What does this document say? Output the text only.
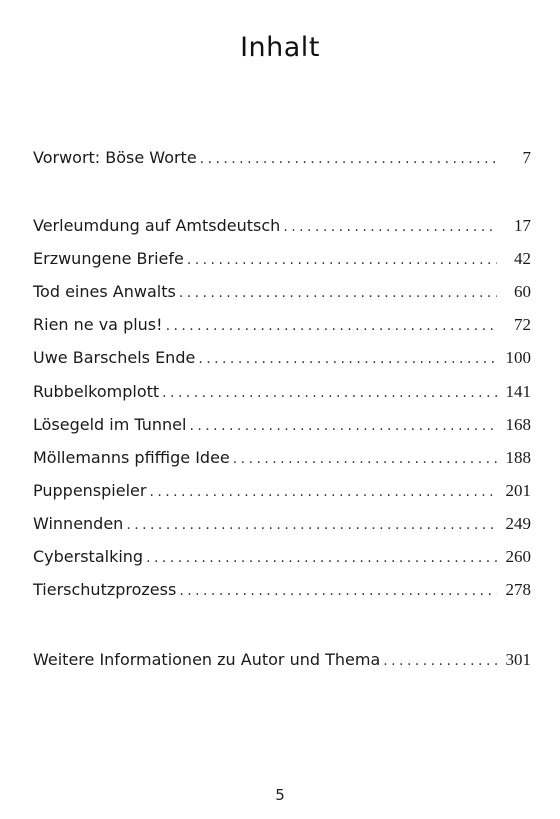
Inhalt
Vorwort: Böse Worte . . .	7
Verleumdung auf Amtsdeutsch . . .	17
Erzwungene Briefe . . .	42
Tod eines Anwalts . . .	60
Rien ne va plus! . . .	72
Uwe Barschels Ende . . .	100
Rubbelkomplott . . .	141
Lösegeld im Tunnel . . .	168
Möllemanns pfiffige Idee . . .	188
Puppenspieler . . .	201
Winnenden . . .	249
Cyberstalking . . .	260
Tierschutzprozess . . .	278
Weitere Informationen zu Autor und Thema . . .	301
5
